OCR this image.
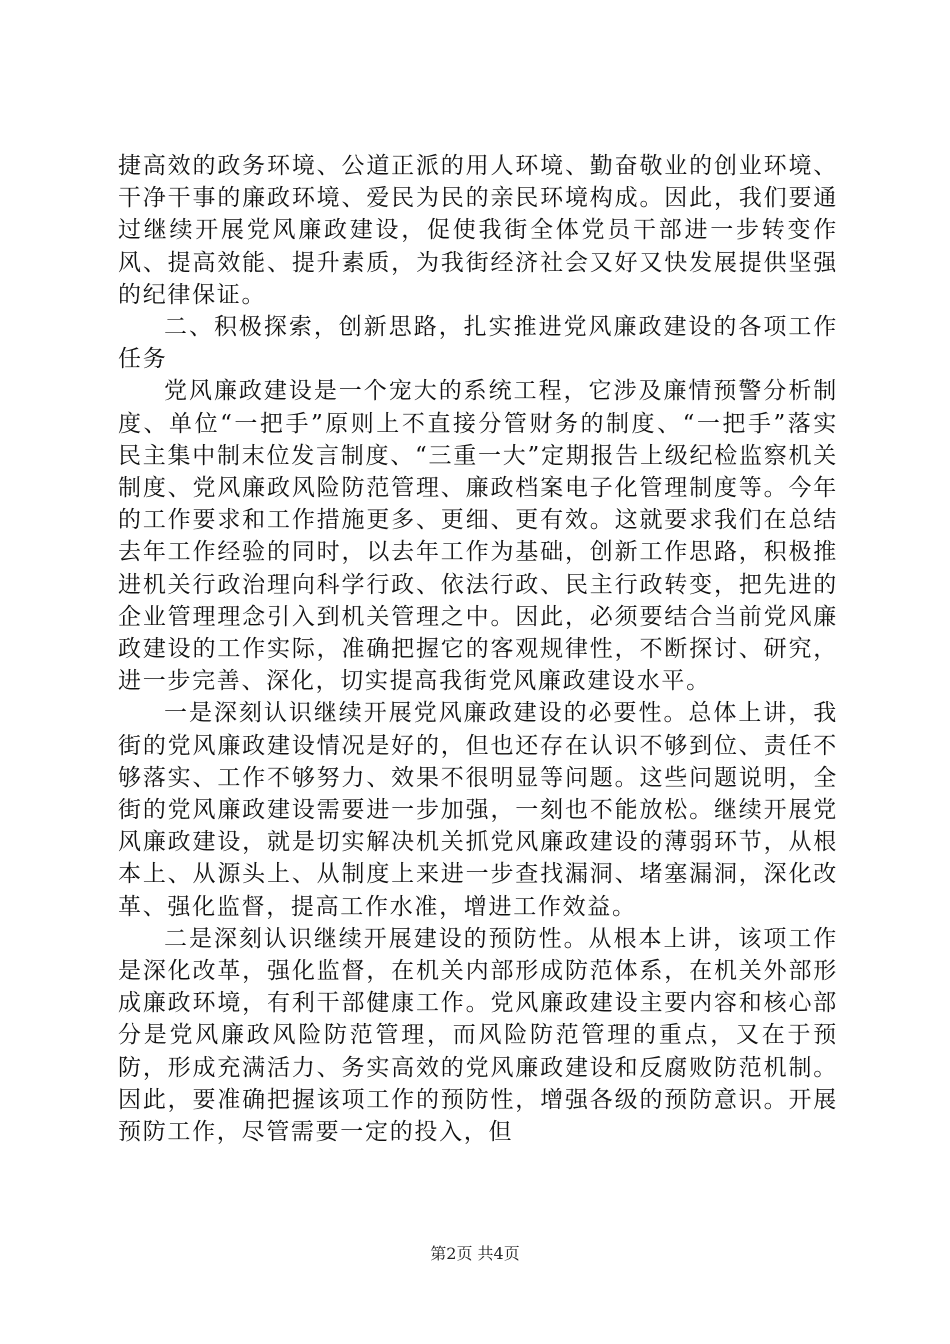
捷高效的政务环境、公道正派的用人环境、勤奋敬业的创业环境、干净干事的廉政环境、爱民为民的亲民环境构成。因此，我们要通过继续开展党风廉政建设，促使我街全体党员干部进一步转变作风、提高效能、提升素质，为我街经济社会又好又快发展提供坚强的纪律保证。

二、积极探索，创新思路，扎实推进党风廉政建设的各项工作任务

党风廉政建设是一个宠大的系统工程，它涉及廉情预警分析制度、单位“一把手”原则上不直接分管财务的制度、“一把手”落实民主集中制末位发言制度、“三重一大”定期报告上级纪检监察机关制度、党风廉政风险防范管理、廉政档案电子化管理制度等。今年的工作要求和工作措施更多、更细、更有效。这就要求我们在总结去年工作经验的同时，以去年工作为基础，创新工作思路，积极推进机关行政治理向科学行政、依法行政、民主行政转变，把先进的企业管理理念引入到机关管理之中。因此，必须要结合当前党风廉政建设的工作实际，准确把握它的客观规律性，不断探讨、研究，进一步完善、深化，切实提高我街党风廉政建设水平。

一是深刻认识继续开展党风廉政建设的必要性。总体上讲，我街的党风廉政建设情况是好的，但也还存在认识不够到位、责任不够落实、工作不够努力、效果不很明显等问题。这些问题说明，全街的党风廉政建设需要进一步加强，一刻也不能放松。继续开展党风廉政建设，就是切实解决机关抓党风廉政建设的薄弱环节，从根本上、从源头上、从制度上来进一步查找漏洞、堵塞漏洞，深化改革、强化监督，提高工作水准，增进工作效益。

二是深刻认识继续开展建设的预防性。从根本上讲，该项工作是深化改革，强化监督，在机关内部形成防范体系，在机关外部形成廉政环境，有利干部健康工作。党风廉政建设主要内容和核心部分是党风廉政风险防范管理，而风险防范管理的重点，又在于预防，形成充满活力、务实高效的党风廉政建设和反腐败防范机制。因此，要准确把握该项工作的预防性，增强各级的预防意识。开展预防工作，尽管需要一定的投入，但

第2页 共4页
